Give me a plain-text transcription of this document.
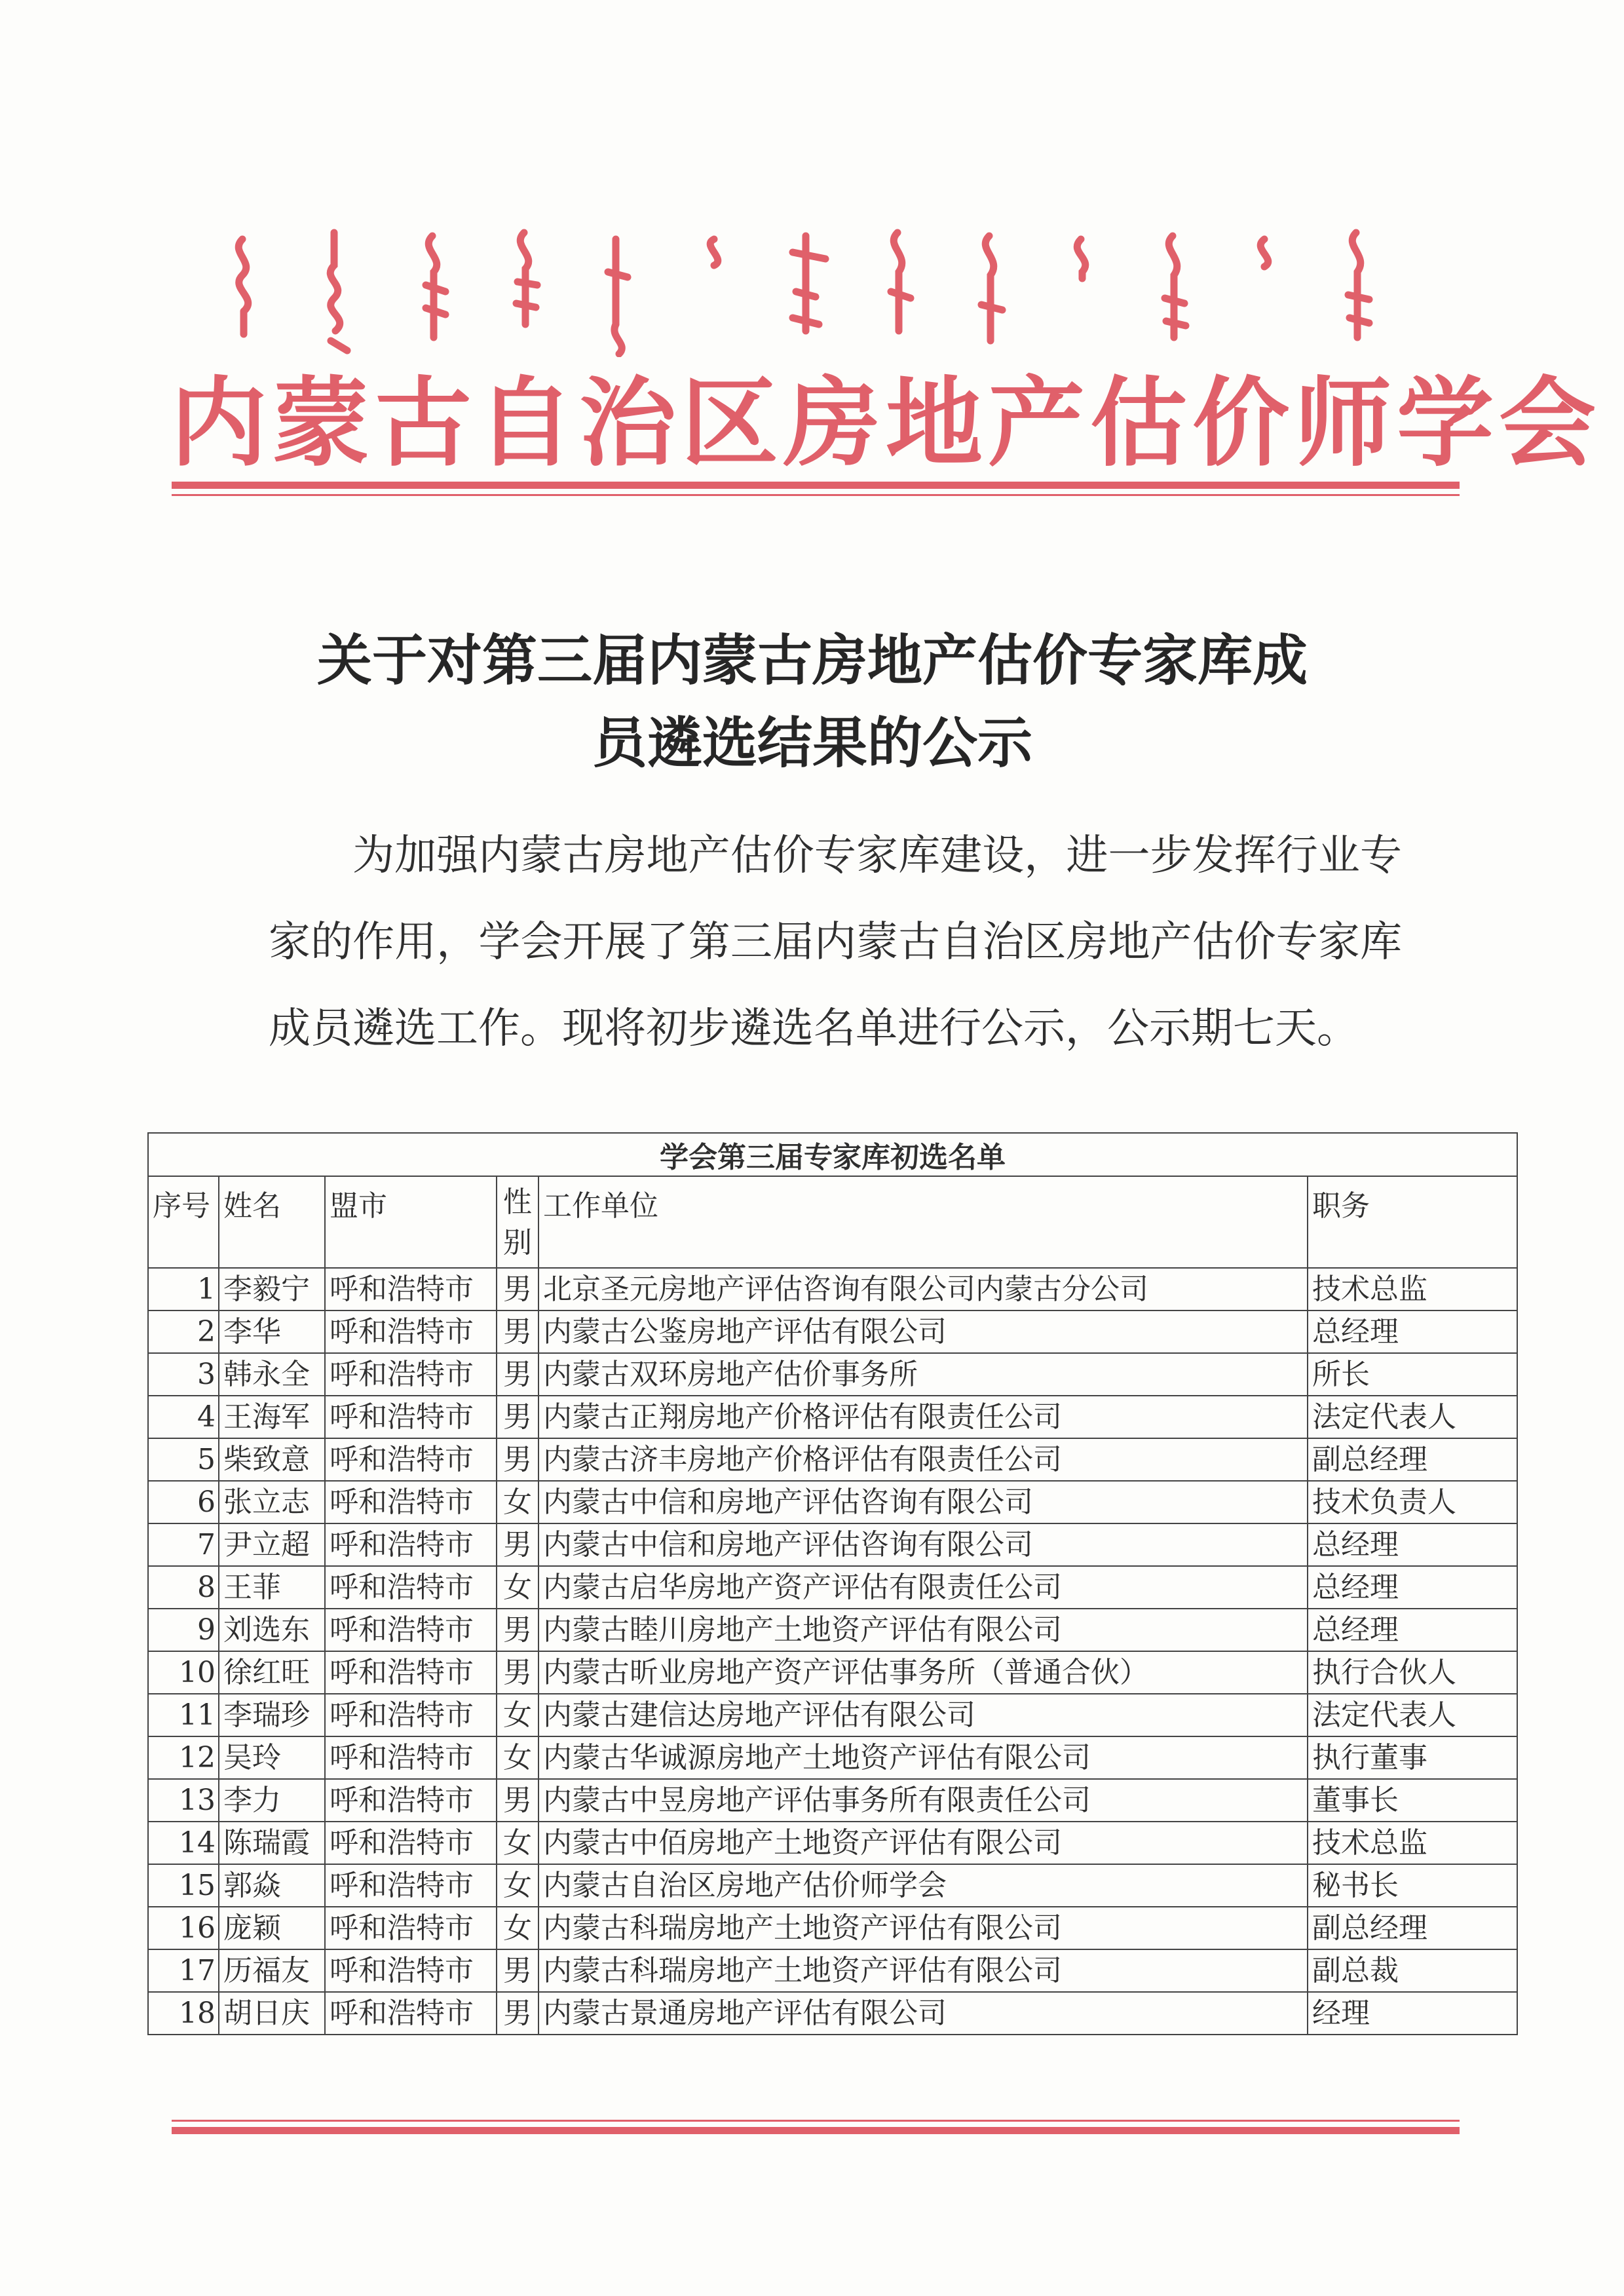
内蒙古自治区房地产估价师学会
关于对第三届内蒙古房地产估价专家库成
员遴选结果的公示
为加强内蒙古房地产估价专家库建设，进一步发挥行业专家的作用，学会开展了第三届内蒙古自治区房地产估价专家库成员遴选工作。现将初步遴选名单进行公示，公示期七天。
学会第三届专家库初选名单					
序号	姓名	盟市	性别	工作单位	职务
1	李毅宁	呼和浩特市	男	北京圣元房地产评估咨询有限公司内蒙古分公司	技术总监
2	李华	呼和浩特市	男	内蒙古公鉴房地产评估有限公司	总经理
3	韩永全	呼和浩特市	男	内蒙古双环房地产估价事务所	所长
4	王海军	呼和浩特市	男	内蒙古正翔房地产价格评估有限责任公司	法定代表人
5	柴致意	呼和浩特市	男	内蒙古济丰房地产价格评估有限责任公司	副总经理
6	张立志	呼和浩特市	女	内蒙古中信和房地产评估咨询有限公司	技术负责人
7	尹立超	呼和浩特市	男	内蒙古中信和房地产评估咨询有限公司	总经理
8	王菲	呼和浩特市	女	内蒙古启华房地产资产评估有限责任公司	总经理
9	刘选东	呼和浩特市	男	内蒙古睦川房地产土地资产评估有限公司	总经理
10	徐红旺	呼和浩特市	男	内蒙古昕业房地产资产评估事务所（普通合伙）	执行合伙人
11	李瑞珍	呼和浩特市	女	内蒙古建信达房地产评估有限公司	法定代表人
12	吴玲	呼和浩特市	女	内蒙古华诚源房地产土地资产评估有限公司	执行董事
13	李力	呼和浩特市	男	内蒙古中昱房地产评估事务所有限责任公司	董事长
14	陈瑞霞	呼和浩特市	女	内蒙古中佰房地产土地资产评估有限公司	技术总监
15	郭焱	呼和浩特市	女	内蒙古自治区房地产估价师学会	秘书长
16	庞颖	呼和浩特市	女	内蒙古科瑞房地产土地资产评估有限公司	副总经理
17	历福友	呼和浩特市	男	内蒙古科瑞房地产土地资产评估有限公司	副总裁
18	胡日庆	呼和浩特市	男	内蒙古景通房地产评估有限公司	经理
